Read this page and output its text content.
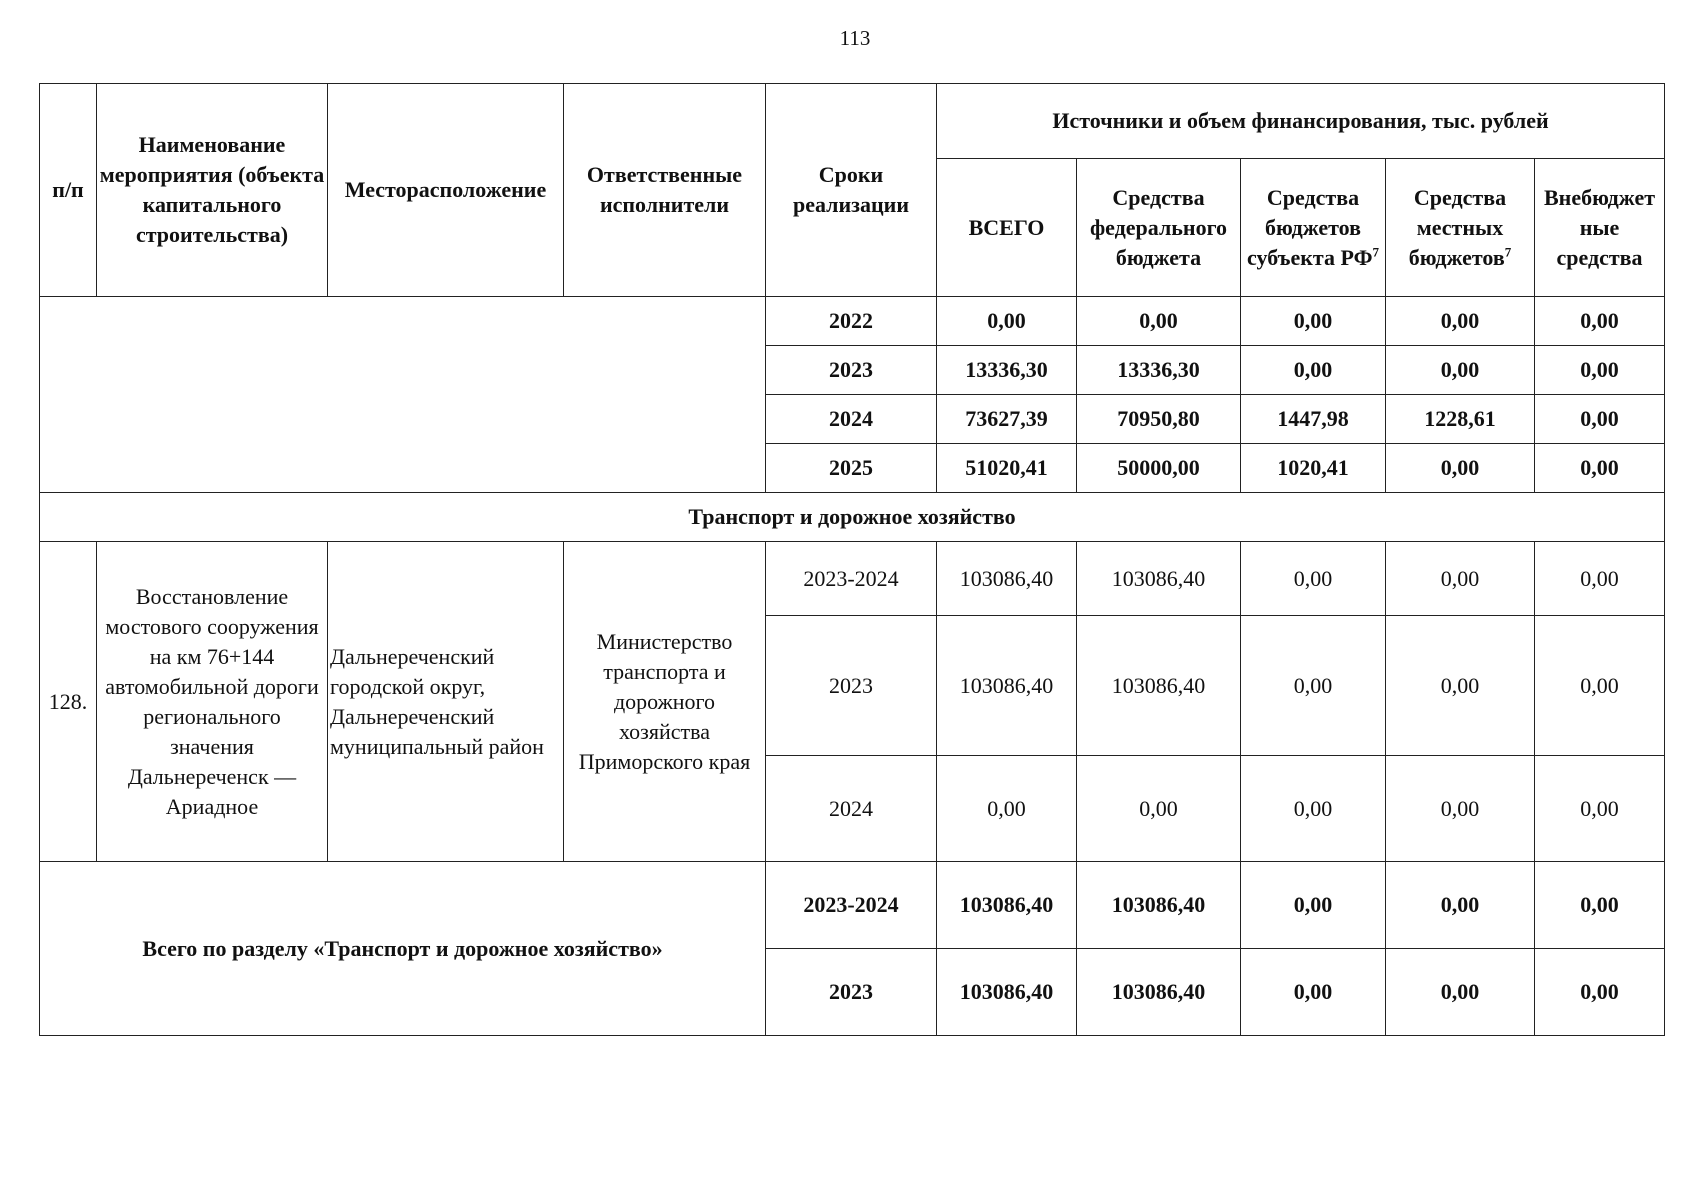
113
п/п	Наименование мероприятия (объекта капитального строительства)	Месторасположение	Ответственные исполнители	Сроки реализации	Источники и объем финансирования, тыс. рублей				
					ВСЕГО	Средства федерального бюджета	Средства бюджетов субъекта $РФ^7$	Средства местных бюджетов$^7$	Внебюджет ные средства
				2022	0,00	0,00	0,00	0,00	0,00
				2023	13336,30	13336,30	0,00	0,00	0,00
				2024	73627,39	70950,80	1447,98	1228,61	0,00
				2025	51020,41	50000,00	1020,41	0,00	0,00
Транспорт и дорожное хозяйство									
128.	Восстановление мостового сооружения на км 76+144 автомобильной дороги регионального значения Дальнереченск — Ариадное	Дальнереченский городской округ, Дальнереченский муниципальный район	Министерство транспорта и дорожного хозяйства Приморского края	2023-2024	103086,40	103086,40	0,00	0,00	0,00
				2023	103086,40	103086,40	0,00	0,00	0,00
				2024	0,00	0,00	0,00	0,00	0,00
Всего по разделу «Транспорт и дорожное хозяйство»				2023-2024	103086,40	103086,40	0,00	0,00	0,00
				2023	103086,40	103086,40	0,00	0,00	0,00
